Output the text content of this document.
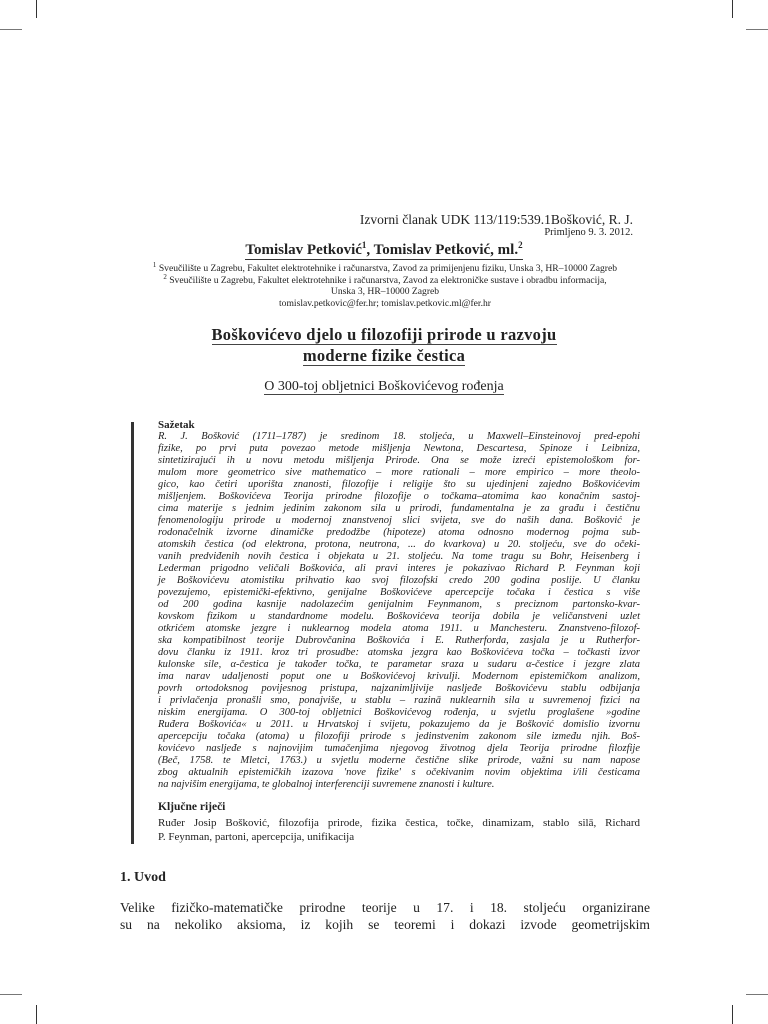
Izvorni članak UDK 113/119:539.1Bošković, R. J.
Primljeno 9. 3. 2012.
Tomislav Petković$^1$, Tomislav Petković, ml.$^2$
$^1$ Sveučilište u Zagrebu, Fakultet elektrotehnike i računarstva, Zavod za primijenjenu fiziku, Unska 3, HR–10000 Zagreb
$^2$ Sveučilište u Zagrebu, Fakultet elektrotehnike i računarstva, Zavod za elektroničke sustave i obradbu informacija,
Unska 3, HR–10000 Zagreb
tomislav.petkovic@fer.hr; tomislav.petkovic.ml@fer.hr
Boškovićevo djelo u filozofiji prirode u razvoju
moderne fizike čestica
O 300-toj obljetnici Boškovićevog rođenja
Sažetak
R. J. Bošković (1711–1787) je sredinom 18. stoljeća, u Maxwell–Einsteinovoj pred-epohi
fizike, po prvi puta povezao metode mišljenja Newtona, Descartesa, Spinoze i Leibniza,
sintetizirajući ih u novu metodu mišljenja Prirode. Ona se može izreći epistemološkom for-
mulom more geometrico sive mathematico – more rationali – more empirico – more theolo-
gico, kao četiri uporišta znanosti, filozofije i religije što su ujedinjeni zajedno Boškovićevim
mišljenjem. Boškovićeva Teorija prirodne filozofije o točkama–atomima kao konačnim sastoj-
cima materije s jednim jedinim zakonom sila u prirodi, fundamentalna je za građu i čestičnu
fenomenologiju prirode u modernoj znanstvenoj slici svijeta, sve do naših dana. Bošković je
rodonačelnik izvorne dinamičke predodžbe (hipoteze) atoma odnosno modernog pojma sub-
atomskih čestica (od elektrona, protona, neutrona, ... do kvarkova) u 20. stoljeću, sve do očeki-
vanih predviđenih novih čestica i objekata u 21. stoljeću. Na tome tragu su Bohr, Heisenberg i
Lederman prigodno veličali Boškovića, ali pravi interes je pokazivao Richard P. Feynman koji
je Boškovićevu atomistiku prihvatio kao svoj filozofski credo 200 godina poslije. U članku
povezujemo, epistemički-efektivno, genijalne Boškovićeve apercepcije točaka i čestica s više
od 200 godina kasnije nadolazećim genijalnim Feynmanom, s preciznom partonsko-kvar-
kovskom fizikom u standardnome modelu. Boškovićeva teorija dobila je veličanstveni uzlet
otkrićem atomske jezgre i nuklearnog modela atoma 1911. u Manchesteru. Znanstveno-filozof-
ska kompatibilnost teorije Dubrovčanina Boškovića i E. Rutherforda, zasjala je u Rutherfor-
dovu članku iz 1911. kroz tri prosudbe: atomska jezgra kao Boškovićeva točka – točkasti izvor
kulonske sile, α-čestica je također točka, te parametar sraza u sudaru α-čestice i jezgre zlata
ima narav udaljenosti poput one u Boškovićevoj krivulji. Modernom epistemičkom analizom,
povrh ortodoksnog povijesnog pristupa, najzanimljivije nasljeđe Boškovićevu stablu odbijanja
i privlačenja pronašli smo, ponajviše, u stablu – razinā nuklearnih sila u suvremenoj fizici na
niskim energijama. O 300-toj obljetnici Boškovićevog rođenja, u svjetlu proglašene »godine
Ruđera Boškovića« u 2011. u Hrvatskoj i svijetu, pokazujemo da je Bošković domislio izvornu
apercepciju točaka (atoma) u filozofiji prirode s jedinstvenim zakonom sile između njih. Boš-
kovićevo nasljeđe s najnovijim tumačenjima njegovog životnog djela Teorija prirodne filozfije
(Beč, 1758. te Mletci, 1763.) u svjetlu moderne čestične slike prirode, važni su nam naposе
zbog aktualnih epistemičkih izazova 'nove fizike' s očekivanim novim objektima i/ili česticama
na najvišim energijama, te globalnoj interferenciji suvremene znanosti i kulture.
Ključne riječi
Ruđer Josip Bošković, filozofija prirode, fizika čestica, točke, dinamizam, stablo silā, Richard
P. Feynman, partoni, apercepcija, unifikacija
1. Uvod
Velike fizičko-matematičke prirodne teorije u 17. i 18. stoljeću organizirane
su na nekoliko aksioma, iz kojih se teoremi i dokazi izvode geometrijskim
